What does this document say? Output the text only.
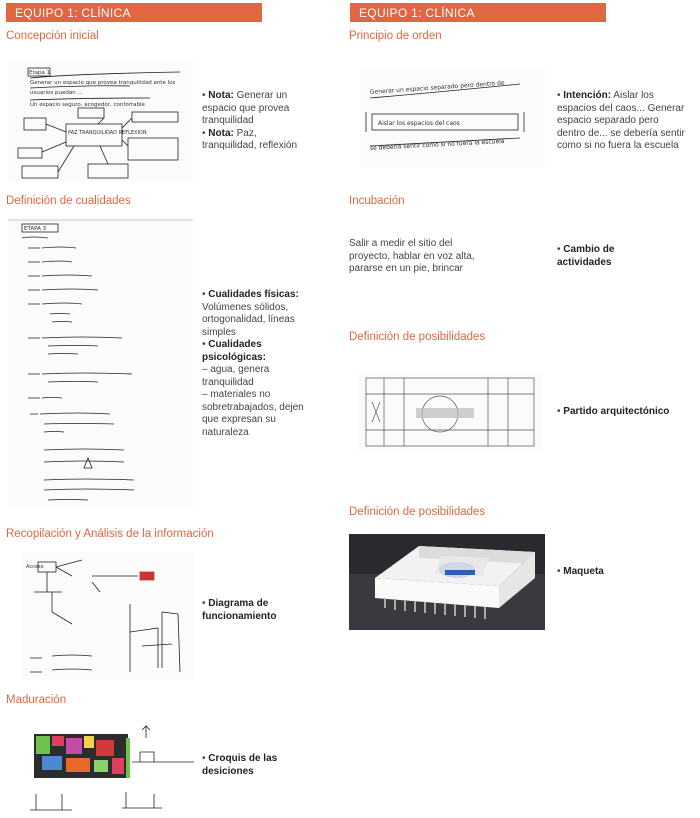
EQUIPO 1: CLÍNICA	EQUIPO 1: CLÍNICA
Concepción inicial
Etapa 1
Generar un espacio que provea tranquilidad ante los
usuarios puedan ...
Un espacio seguro, acogedor, confortable
PAZ TRANQUILIDAD REFLEXION
• Nota: Generar un espacio que provea tranquilidad
• Nota: Paz, tranquilidad, reflexión
Definición de cualidades
ETAPA 3
• Cualidades físicas: Volúmenes sólidos, ortogonalidad, líneas simples
• Cualidades psicológicas:
– agua, genera tranquilidad
– materiales no sobretrabajados, dejen que expresan su naturaleza
Recopilación y Análisis de la información
Acceso
• Diagrama de funcionamiento
Maduración
• Croquis de las desiciones
Principio de orden
Generar un espacio separado pero dentro de
Aislar los espacios del caos
se debería sentir como si no fuera la escuela
• Intención: Aislar los espacios del caos... Generar espacio separado pero dentro de... se debería sentir como si no fuera la escuela
Incubación
Salir a medir el sitio del proyecto, hablar en voz alta, pararse en un pie, brincar
• Cambio de actividades
Definición de posibilidades
• Partido arquitectónico
Definición de posibilidades
• Maqueta
